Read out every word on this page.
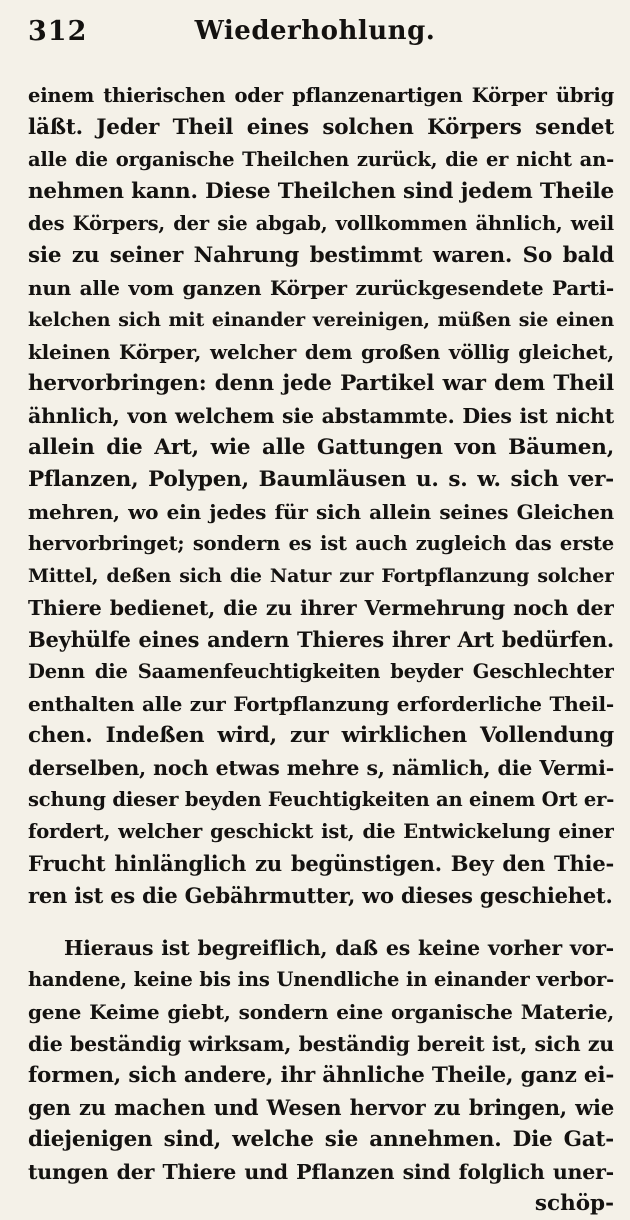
312	Wiederhohlung.
einem thierischen oder pflanzenartigen Körper übrig
läßt. Jeder Theil eines solchen Körpers sendet
alle die organische Theilchen zurück, die er nicht an-
nehmen kann. Diese Theilchen sind jedem Theile
des Körpers, der sie abgab, vollkommen ähnlich, weil
sie zu seiner Nahrung bestimmt waren. So bald
nun alle vom ganzen Körper zurückgesendete Parti-
kelchen sich mit einander vereinigen, müßen sie einen
kleinen Körper, welcher dem großen völlig gleichet,
hervorbringen: denn jede Partikel war dem Theil
ähnlich, von welchem sie abstammte. Dies ist nicht
allein die Art, wie alle Gattungen von Bäumen,
Pflanzen, Polypen, Baumläusen u. s. w. sich ver-
mehren, wo ein jedes für sich allein seines Gleichen
hervorbringet; sondern es ist auch zugleich das erste
Mittel, deßen sich die Natur zur Fortpflanzung solcher
Thiere bedienet, die zu ihrer Vermehrung noch der
Beyhülfe eines andern Thieres ihrer Art bedürfen.
Denn die Saamenfeuchtigkeiten beyder Geschlechter
enthalten alle zur Fortpflanzung erforderliche Theil-
chen. Indeßen wird, zur wirklichen Vollendung
derselben, noch etwas mehre s, nämlich, die Vermi-
schung dieser beyden Feuchtigkeiten an einem Ort er-
fordert, welcher geschickt ist, die Entwickelung einer
Frucht hinlänglich zu begünstigen. Bey den Thie-
ren ist es die Gebährmutter, wo dieses geschiehet.
Hieraus ist begreiflich, daß es keine vorher vor-
handene, keine bis ins Unendliche in einander verbor-
gene Keime giebt, sondern eine organische Materie,
die beständig wirksam, beständig bereit ist, sich zu
formen, sich andere, ihr ähnliche Theile, ganz ei-
gen zu machen und Wesen hervor zu bringen, wie
diejenigen sind, welche sie annehmen. Die Gat-
tungen der Thiere und Pflanzen sind folglich uner-
schöp-
